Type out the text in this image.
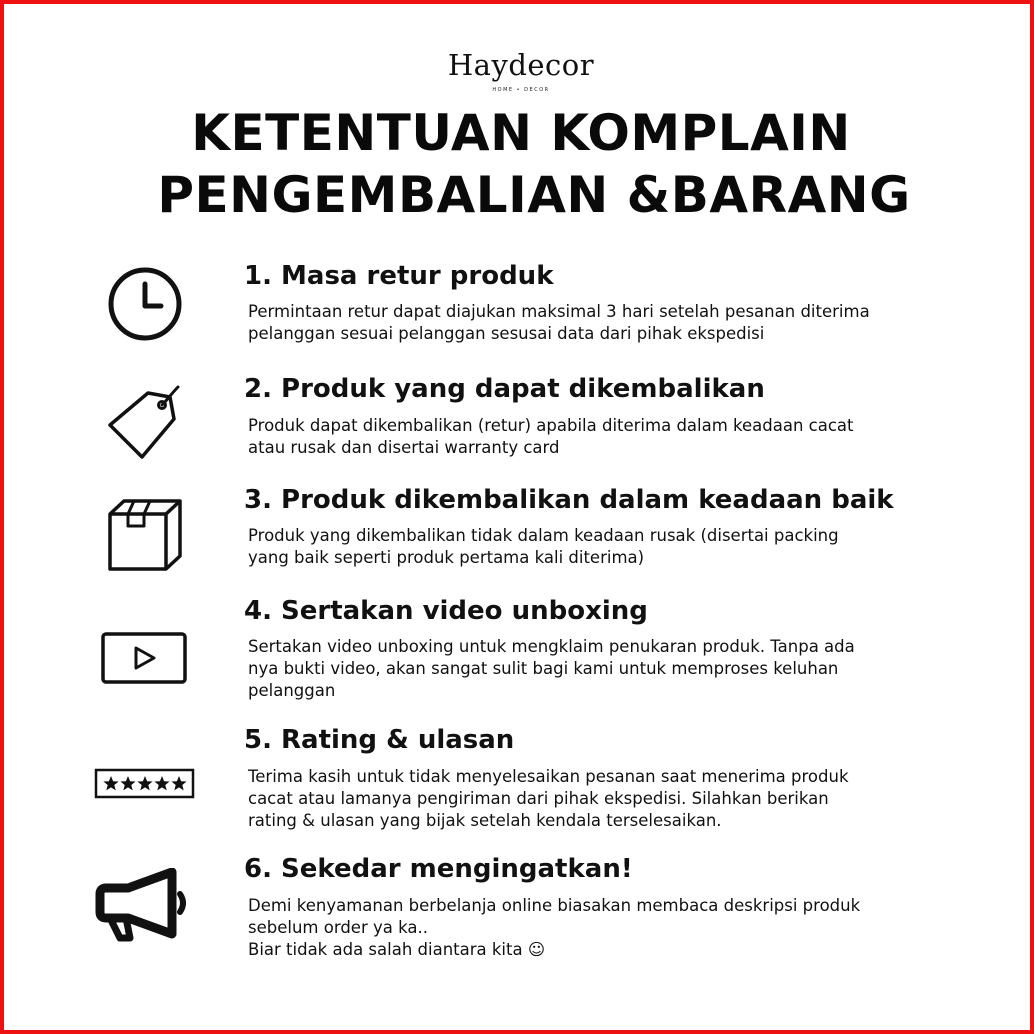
Haydecor
HOME • DECOR
KETENTUAN KOMPLAIN
PENGEMBALIAN &BARANG
1. Masa retur produk
Permintaan retur dapat diajukan maksimal 3 hari setelah pesanan diterima
pelanggan sesuai pelanggan sesusai data dari pihak ekspedisi
2. Produk yang dapat dikembalikan
Produk dapat dikembalikan (retur) apabila diterima dalam keadaan cacat
atau rusak dan disertai warranty card
3. Produk dikembalikan dalam keadaan baik
Produk yang dikembalikan tidak dalam keadaan rusak (disertai packing
yang baik seperti produk pertama kali diterima)
4. Sertakan video unboxing
Sertakan video unboxing untuk mengklaim penukaran produk. Tanpa ada
nya bukti video, akan sangat sulit bagi kami untuk memproses keluhan
pelanggan
5. Rating & ulasan
Terima kasih untuk tidak menyelesaikan pesanan saat menerima produk
cacat atau lamanya pengiriman dari pihak ekspedisi. Silahkan berikan
rating & ulasan yang bijak setelah kendala terselesaikan.
6. Sekedar mengingatkan!
Demi kenyamanan berbelanja online biasakan membaca deskripsi produk
sebelum order ya ka..
Biar tidak ada salah diantara kita ☺
